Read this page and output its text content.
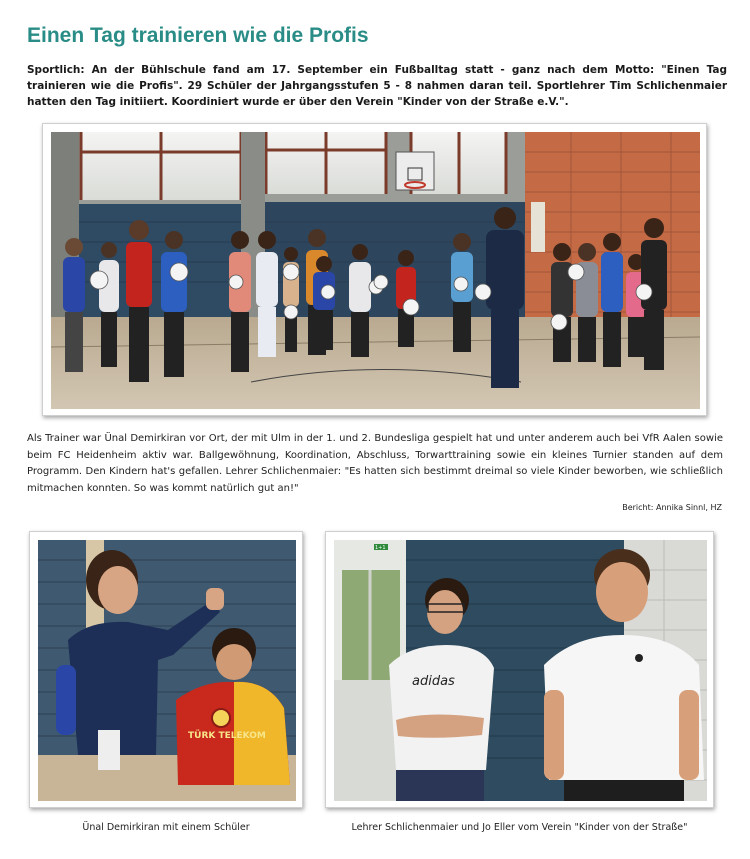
Einen Tag trainieren wie die Profis

Sportlich: An der Bühlschule fand am 17. September ein Fußballtag statt - ganz nach dem Motto: "Einen Tag trainieren wie die Profis". 29 Schüler der Jahrgangsstufen 5 - 8 nahmen daran teil. Sportlehrer Tim Schlichenmaier hatten den Tag initiiert. Koordiniert wurde er über den Verein "Kinder von der Straße e.V.".

Als Trainer war Ünal Demirkiran vor Ort, der mit Ulm in der 1. und 2. Bundesliga gespielt hat und unter anderem auch bei VfR Aalen sowie beim FC Heidenheim aktiv war. Ballgewöhnung, Koordination, Abschluss, Torwarttraining sowie ein kleines Turnier standen auf dem Programm. Den Kindern hat's gefallen. Lehrer Schlichenmaier: "Es hatten sich bestimmt dreimal so viele Kinder beworben, wie schließlich mitmachen konnten. So was kommt natürlich gut an!"

Bericht: Annika Sinnl, HZ

TÜRK TELEKOM
1+1
adidas

Ünal Demirkiran mit einem Schüler	Lehrer Schlichenmaier und Jo Eller vom Verein "Kinder von der Straße"
